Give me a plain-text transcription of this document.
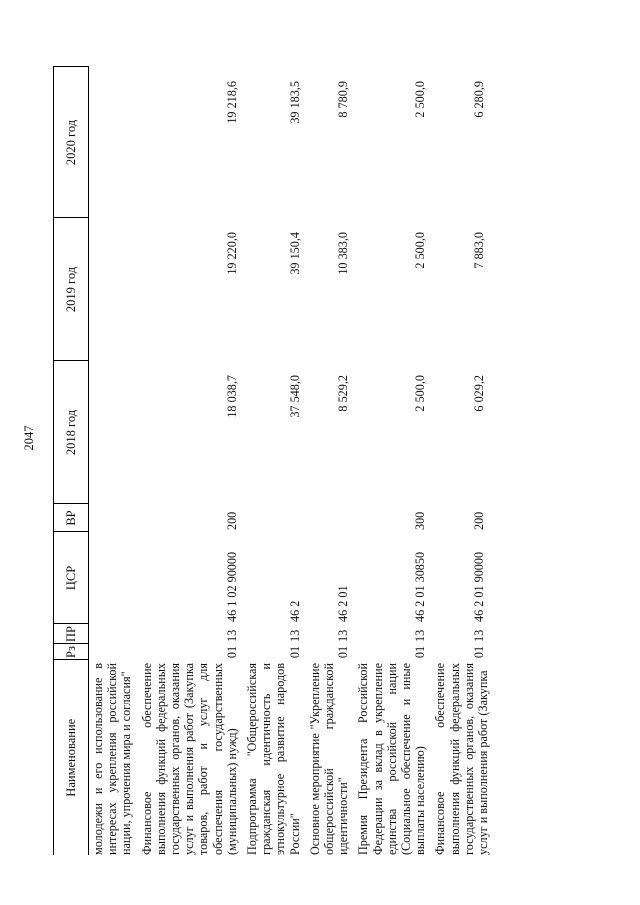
2047
Наименование	Рз	ПР	ЦСР	ВР	2018 год	2019 год	2020 год
молодежи и его использование в интересах укрепления российской нации, упрочения мира и согласия"							
Финансовое обеспечение выполнения функций федеральных государственных органов, оказания услуг и выполнения работ (Закупка товаров, работ и услуг для обеспечения государственных (муниципальных) нужд)	01	13	46 1 02 90000	200	18 038,7	19 220,0	19 218,6
Подпрограмма "Общероссийская гражданская идентичность и этнокультурное развитие народов России"	01	13	46 2		37 548,0	39 150,4	39 183,5
Основное мероприятие "Укрепление общероссийской гражданской идентичности"	01	13	46 2 01		8 529,2	10 383,0	8 780,9
Премия Президента Российской Федерации за вклад в укрепление единства российской нации (Социальное обеспечение и иные выплаты населению)	01	13	46 2 01 30850	300	2 500,0	2 500,0	2 500,0
Финансовое обеспечение выполнения функций федеральных государственных органов, оказания услуг и выполнения работ (Закупка	01	13	46 2 01 90000	200	6 029,2	7 883,0	6 280,9
